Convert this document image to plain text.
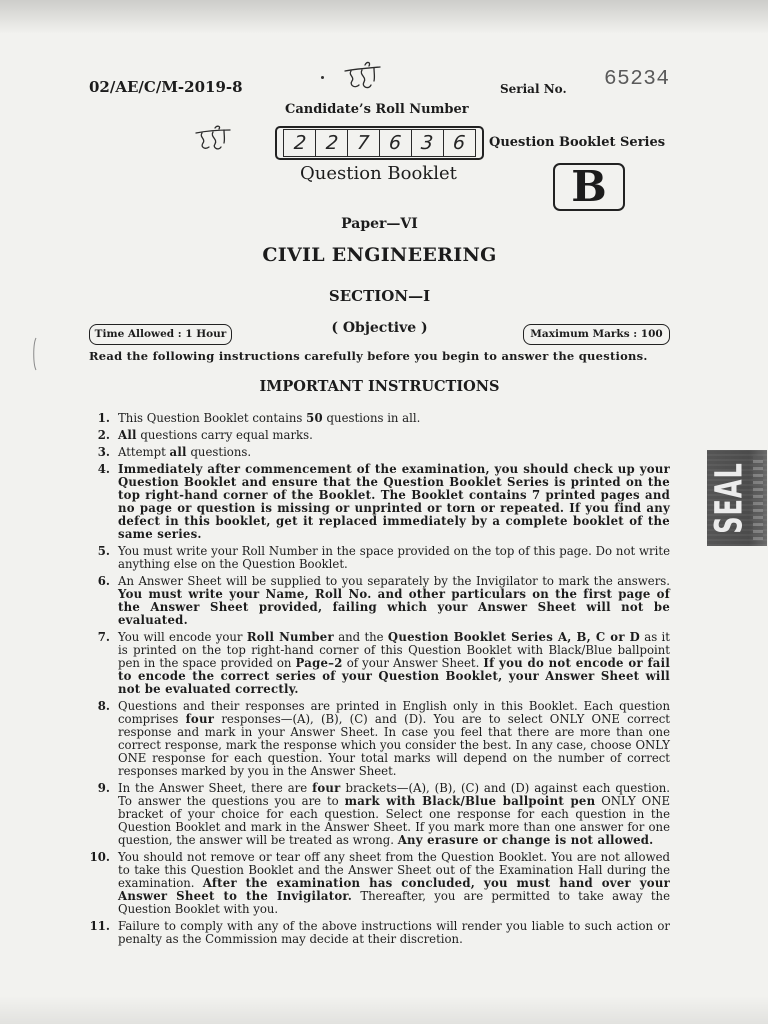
02/AE/C/M-2019-8	Serial No. 65234
Candidate’s Roll Number
2 2 7 6 3 6 Question Booklet Series
Question Booklet	B
Paper—VI
CIVIL ENGINEERING
SECTION—I
( Objective )
Time Allowed : 1 Hour	Maximum Marks : 100
Read the following instructions carefully before you begin to answer the questions.
IMPORTANT INSTRUCTIONS
1. This Question Booklet contains 50 questions in all.
2. All questions carry equal marks.
3. Attempt all questions.
4. Immediately after commencement of the examination, you should check up your Question Booklet and ensure that the Question Booklet Series is printed on the top right-hand corner of the Booklet. The Booklet contains 7 printed pages and no page or question is missing or unprinted or torn or repeated. If you find any defect in this booklet, get it replaced immediately by a complete booklet of the same series.
5. You must write your Roll Number in the space provided on the top of this page. Do not write anything else on the Question Booklet.
6. An Answer Sheet will be supplied to you separately by the Invigilator to mark the answers. You must write your Name, Roll No. and other particulars on the first page of the Answer Sheet provided, failing which your Answer Sheet will not be evaluated.
7. You will encode your Roll Number and the Question Booklet Series A, B, C or D as it is printed on the top right-hand corner of this Question Booklet with Black/Blue ballpoint pen in the space provided on Page–2 of your Answer Sheet. If you do not encode or fail to encode the correct series of your Question Booklet, your Answer Sheet will not be evaluated correctly.
8. Questions and their responses are printed in English only in this Booklet. Each question comprises four responses—(A), (B), (C) and (D). You are to select ONLY ONE correct response and mark in your Answer Sheet. In case you feel that there are more than one correct response, mark the response which you consider the best. In any case, choose ONLY ONE response for each question. Your total marks will depend on the number of correct responses marked by you in the Answer Sheet.
9. In the Answer Sheet, there are four brackets—(A), (B), (C) and (D) against each question. To answer the questions you are to mark with Black/Blue ballpoint pen ONLY ONE bracket of your choice for each question. Select one response for each question in the Question Booklet and mark in the Answer Sheet. If you mark more than one answer for one question, the answer will be treated as wrong. Any erasure or change is not allowed.
10. You should not remove or tear off any sheet from the Question Booklet. You are not allowed to take this Question Booklet and the Answer Sheet out of the Examination Hall during the examination. After the examination has concluded, you must hand over your Answer Sheet to the Invigilator. Thereafter, you are permitted to take away the Question Booklet with you.
11. Failure to comply with any of the above instructions will render you liable to such action or penalty as the Commission may decide at their discretion.
SEAL
